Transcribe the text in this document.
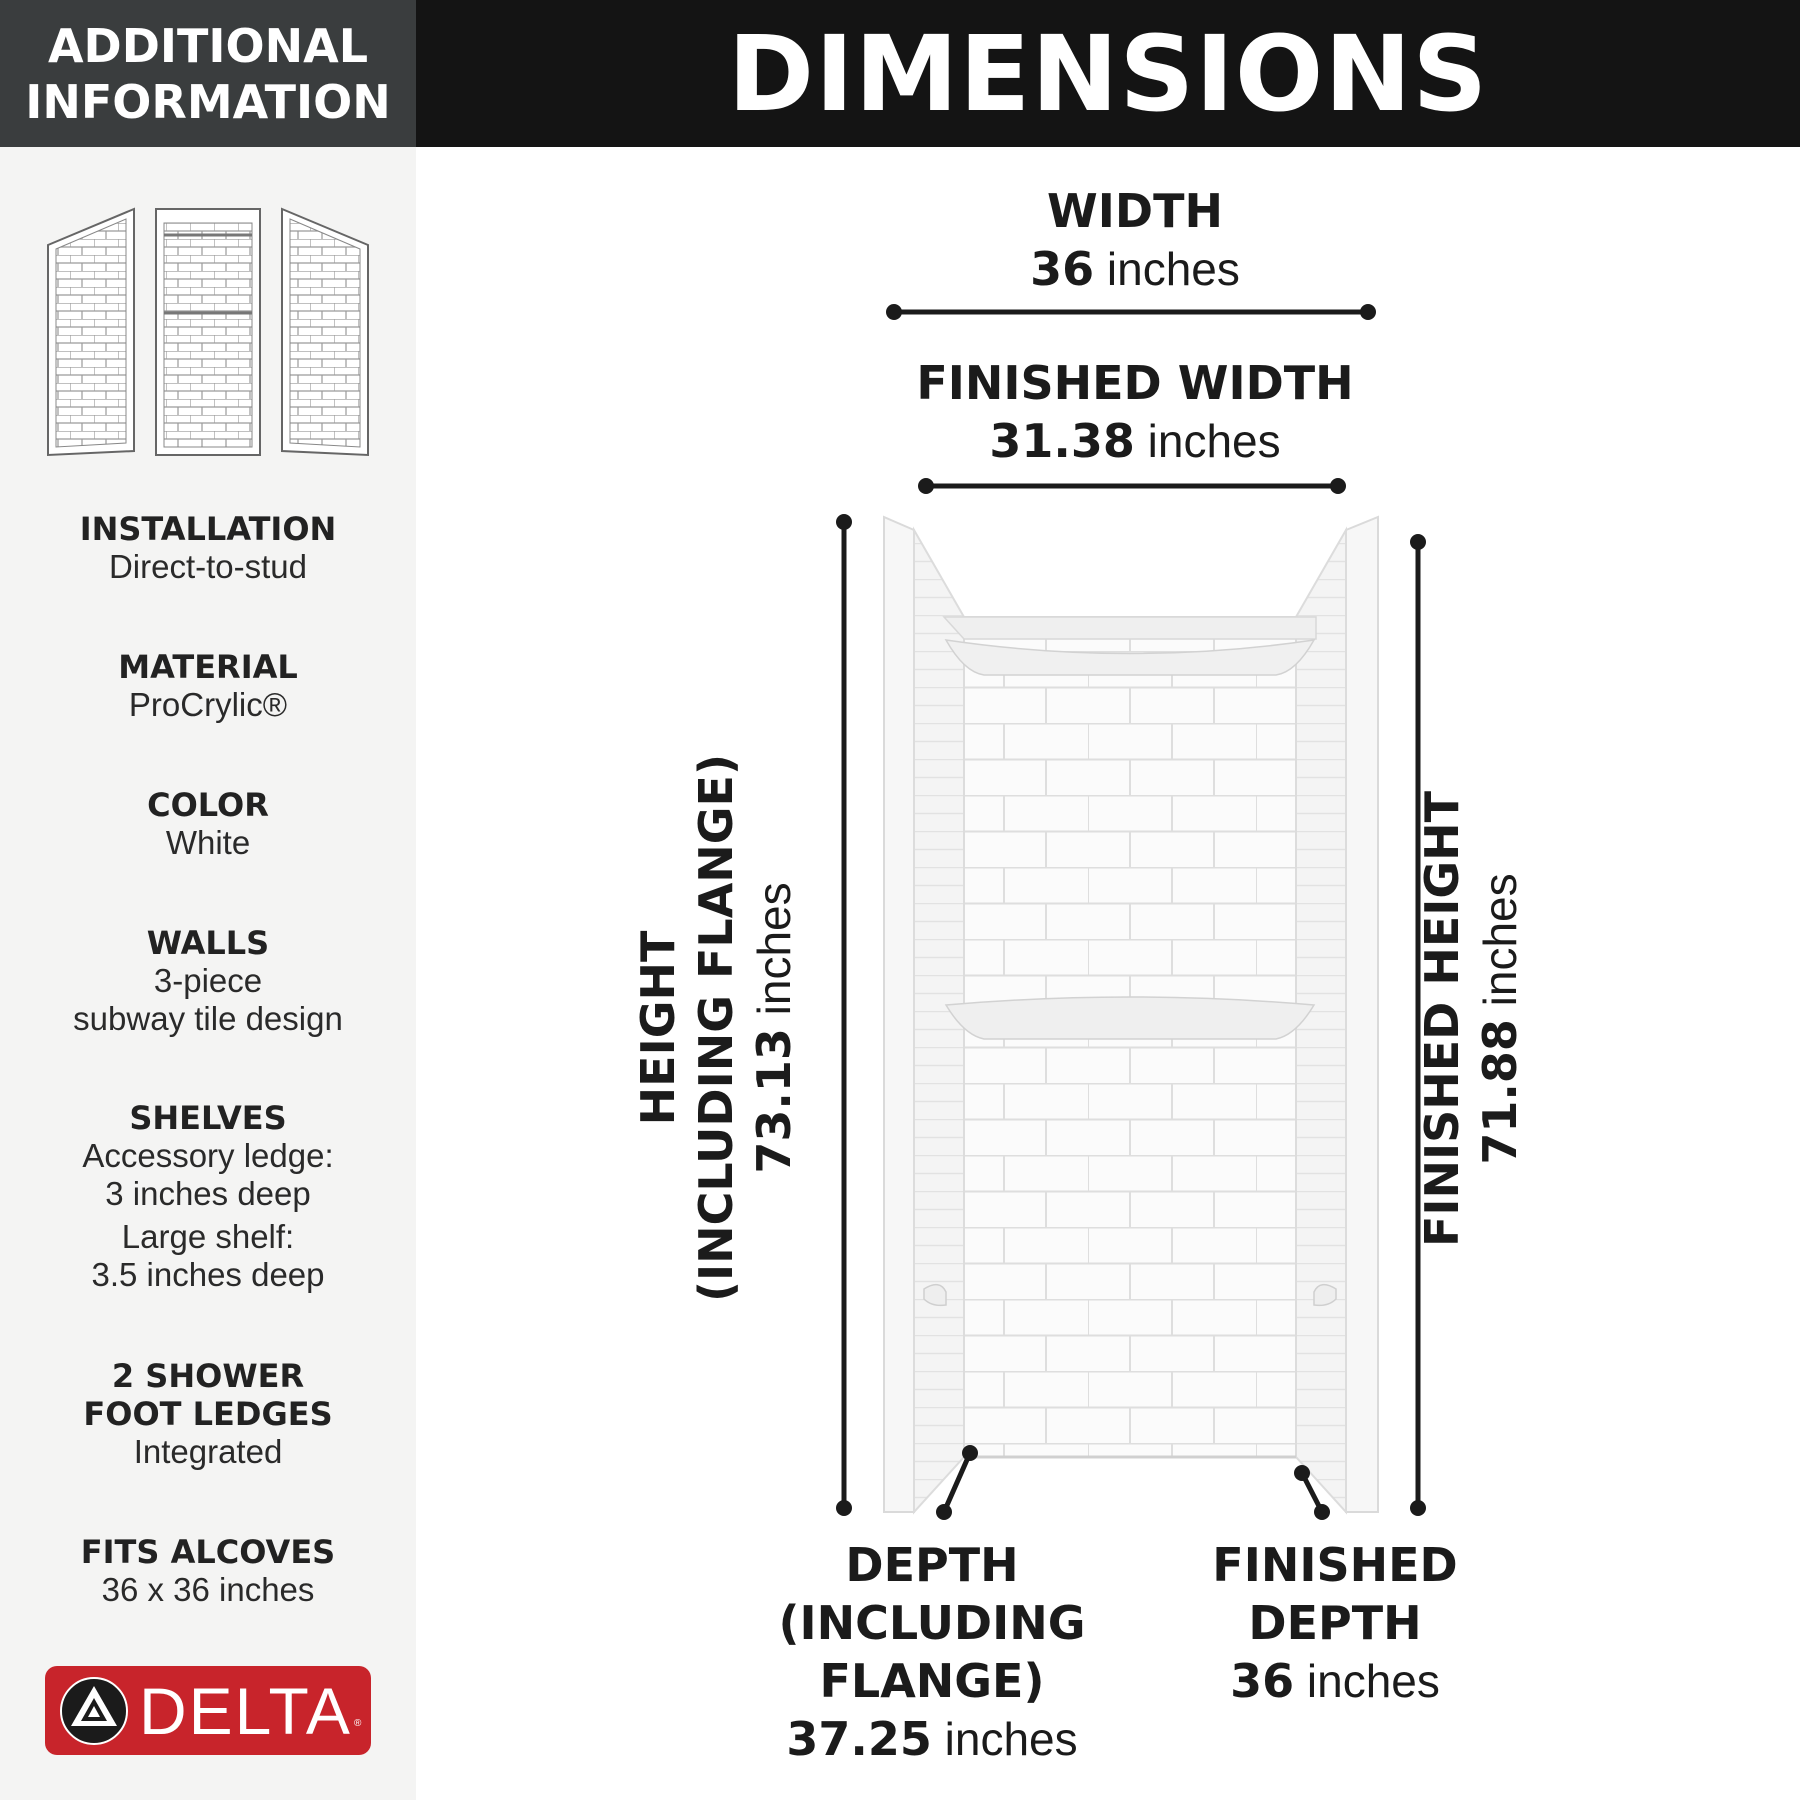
ADDITIONAL
INFORMATION	DIMENSIONS
INSTALLATION
Direct-to-stud
MATERIAL
ProCrylic®
COLOR
White
WALLS
3-piece
subway tile design
SHELVES
Accessory ledge:
3 inches deep
Large shelf:
3.5 inches deep
2 SHOWER
FOOT LEDGES
Integrated
FITS ALCOVES
36 x 36 inches
DELTA ®
WIDTH
36 inches
FINISHED WIDTH
31.38 inches
HEIGHT (INCLUDING FLANGE) 73.13 inches	FINISHED HEIGHT 71.88 inches
DEPTH
(INCLUDING FLANGE)
37.25 inches
FINISHED DEPTH
36 inches
